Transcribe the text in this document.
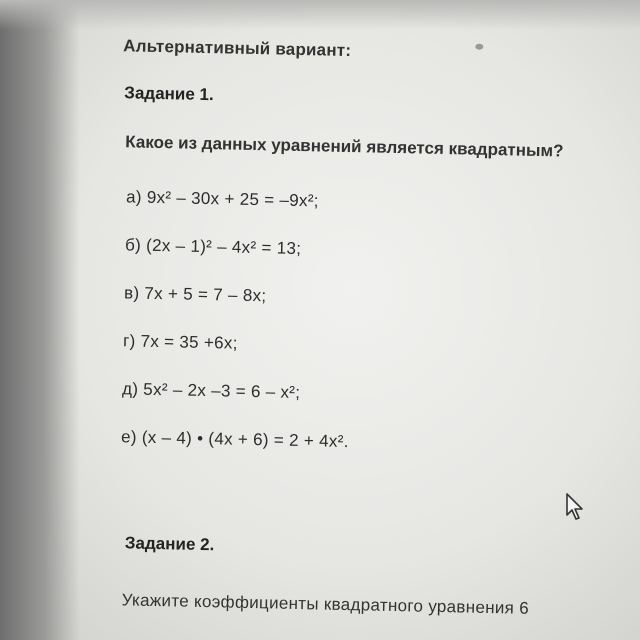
Альтернативный вариант:
Задание 1.
Какое из данных уравнений является квадратным?
а) 9x² – 30x + 25 = –9x²;
б) (2x – 1)² – 4x² = 13;
в) 7x + 5 = 7 – 8x;
г) 7x = 35 +6x;
д) 5x² – 2x –3 = 6 – x²;
е) (x – 4) • (4x + 6) = 2 + 4x².
Задание 2.
Укажите коэффициенты квадратного уравнения 6
